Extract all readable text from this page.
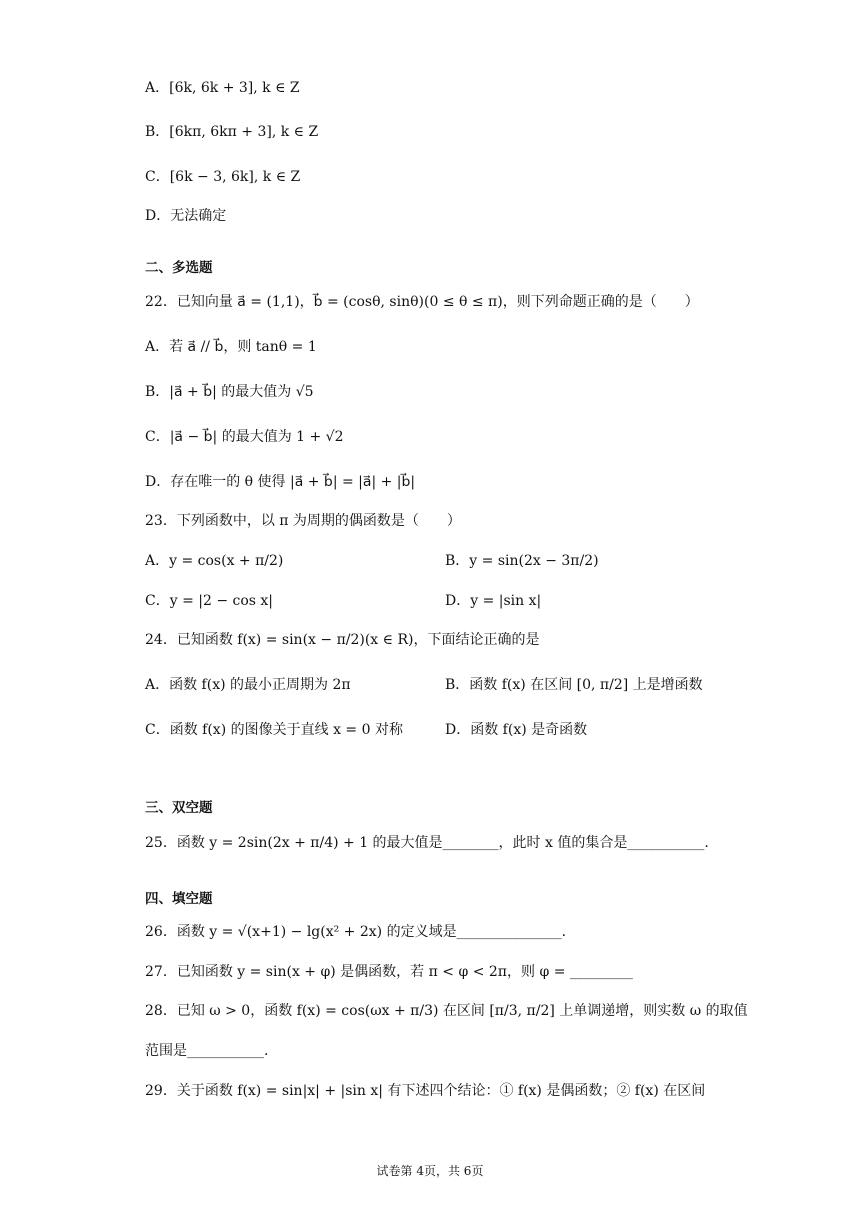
A．[6k, 6k + 3], k ∈ Z
B．[6kπ, 6kπ + 3], k ∈ Z
C．[6k − 3, 6k], k ∈ Z
D．无法确定
二、多选题
22．已知向量 a⃗ = (1,1)，b⃗ = (cosθ, sinθ)(0 ≤ θ ≤ π)，则下列命题正确的是（　　）
A．若 a⃗ // b⃗，则 tanθ = 1
B．|a⃗ + b⃗| 的最大值为 √5
C．|a⃗ − b⃗| 的最大值为 1 + √2
D．存在唯一的 θ 使得 |a⃗ + b⃗| = |a⃗| + |b⃗|
23．下列函数中，以 π 为周期的偶函数是（　　）
A．y = cos(x + π/2)	B．y = sin(2x − 3π/2)
C．y = |2 − cos x|	D．y = |sin x|
24．已知函数 f(x) = sin(x − π/2)(x ∈ R)，下面结论正确的是
A．函数 f(x) 的最小正周期为 2π	B．函数 f(x) 在区间 [0, π/2] 上是增函数
C．函数 f(x) 的图像关于直线 x = 0 对称	D．函数 f(x) 是奇函数
三、双空题
25．函数 y = 2sin(2x + π/4) + 1 的最大值是________，此时 x 值的集合是___________.
四、填空题
26．函数 y = √(x+1) − lg(x² + 2x) 的定义域是_______________.
27．已知函数 y = sin(x + φ) 是偶函数，若 π < φ < 2π，则 φ = _________
28．已知 ω > 0，函数 f(x) = cos(ωx + π/3) 在区间 [π/3, π/2] 上单调递增，则实数 ω 的取值
范围是___________.
29．关于函数 f(x) = sin|x| + |sin x| 有下述四个结论：① f(x) 是偶函数；② f(x) 在区间
试卷第 4页，共 6页
